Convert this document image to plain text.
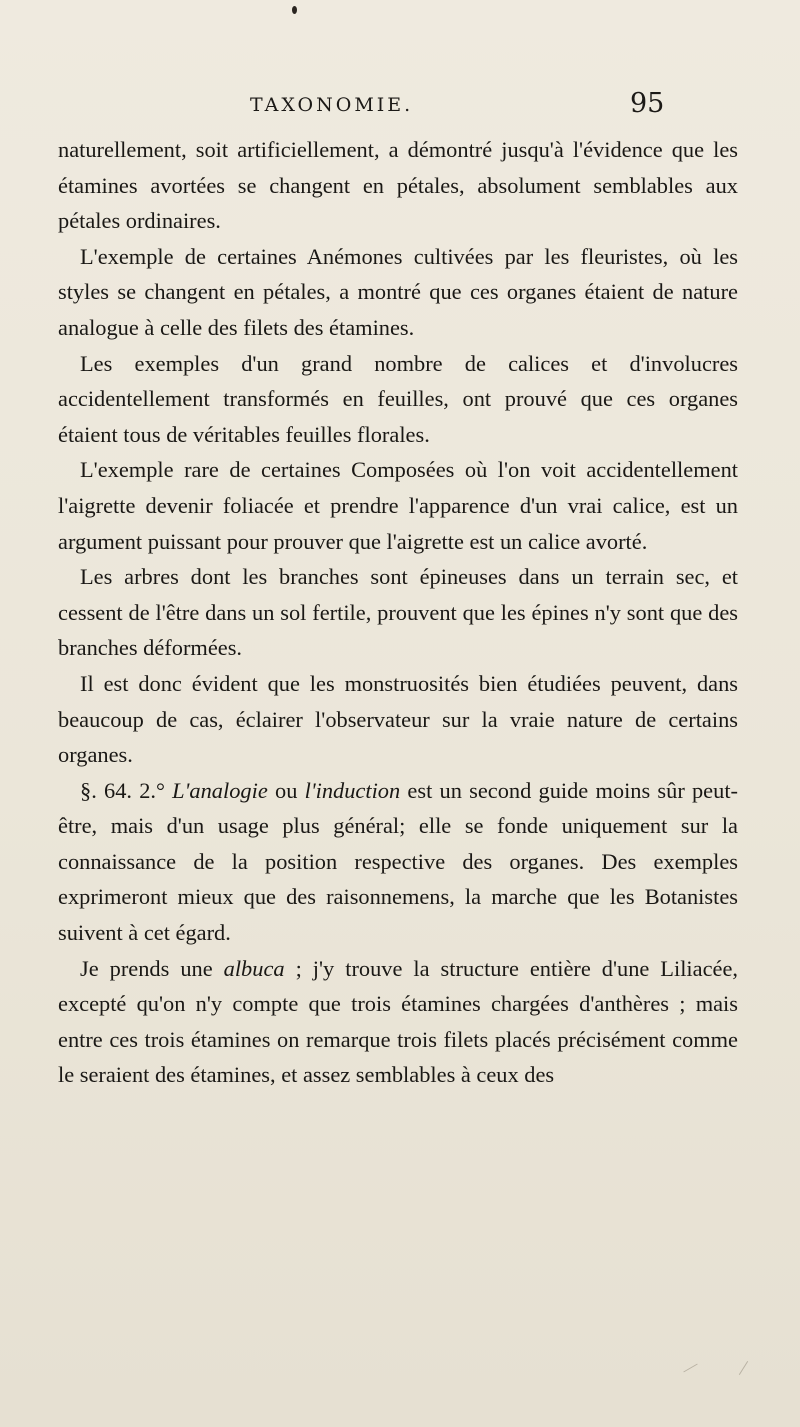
TAXONOMIE.	95

naturellement, soit artificiellement, a démontré jusqu'à l'évidence que les étamines avortées se changent en pétales, absolument semblables aux pétales ordinaires.

L'exemple de certaines Anémones cultivées par les fleuristes, où les styles se changent en pétales, a montré que ces organes étaient de nature analogue à celle des filets des étamines.

Les exemples d'un grand nombre de calices et d'involucres accidentellement transformés en feuilles, ont prouvé que ces organes étaient tous de véritables feuilles florales.

L'exemple rare de certaines Composées où l'on voit accidentellement l'aigrette devenir foliacée et prendre l'apparence d'un vrai calice, est un argument puissant pour prouver que l'aigrette est un calice avorté.

Les arbres dont les branches sont épineuses dans un terrain sec, et cessent de l'être dans un sol fertile, prouvent que les épines n'y sont que des branches déformées.

Il est donc évident que les monstruosités bien étudiées peuvent, dans beaucoup de cas, éclairer l'observateur sur la vraie nature de certains organes.

§. 64. 2.° L'analogie ou l'induction est un second guide moins sûr peut-être, mais d'un usage plus général; elle se fonde uniquement sur la connaissance de la position respective des organes. Des exemples exprimeront mieux que des raisonnemens, la marche que les Botanistes suivent à cet égard.

Je prends une albuca ; j'y trouve la structure entière d'une Liliacée, excepté qu'on n'y compte que trois étamines chargées d'anthères ; mais entre ces trois étamines on remarque trois filets placés précisément comme le seraient des étamines, et assez semblables à ceux des
